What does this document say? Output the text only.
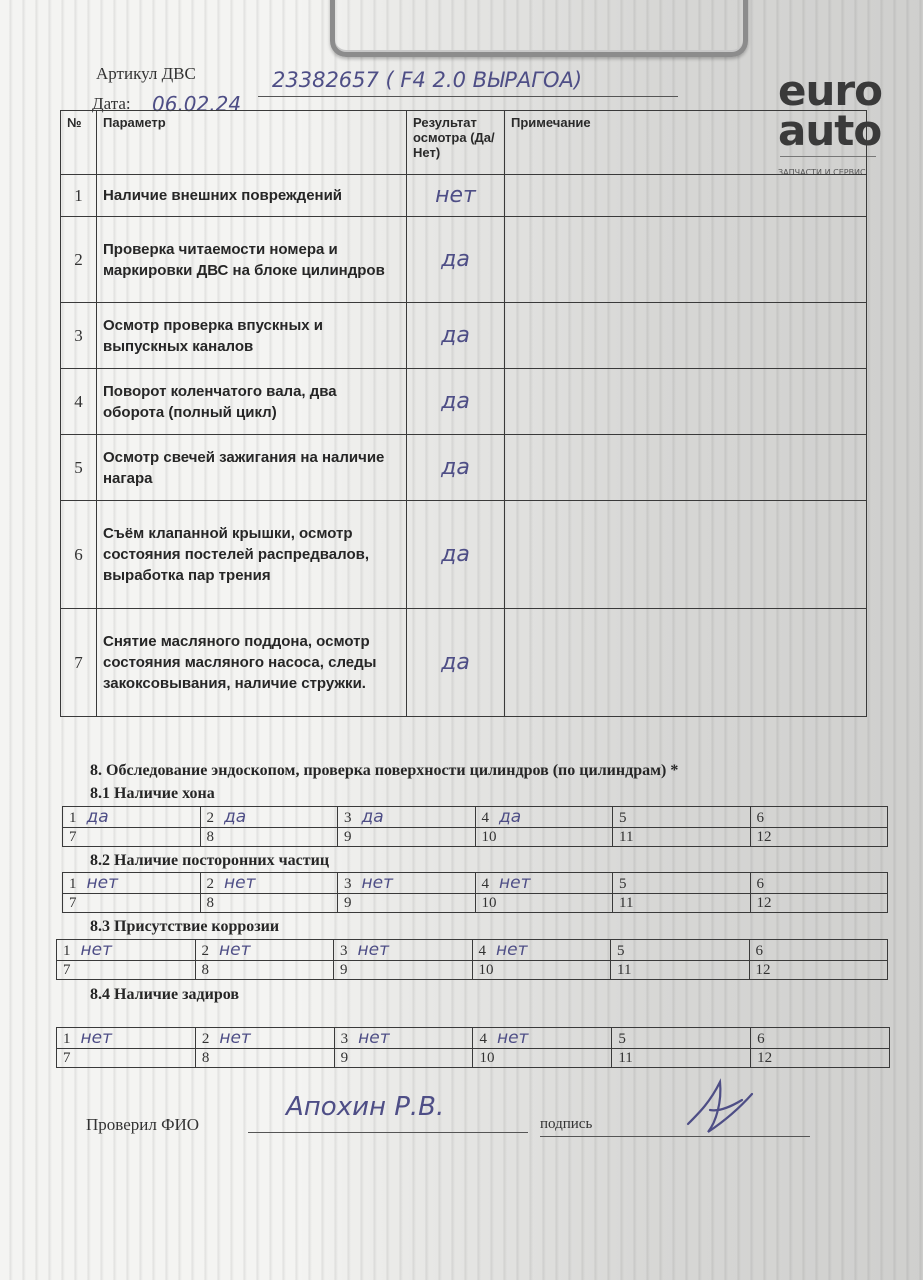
Артикул ДВС	23382657 ( F4 2.0 ВЫРАГОА)
Дата: 06.02.24	euro
auto
ЗАПЧАСТИ И СЕРВИС
№	Параметр	Результат осмотра (Да/Нет)	Примечание
1	Наличие внешних повреждений	нет	
2	Проверка читаемости номера и маркировки ДВС на блоке цилиндров	да	
3	Осмотр проверка впускных и выпускных каналов	да	
4	Поворот коленчатого вала, два оборота (полный цикл)	да	
5	Осмотр свечей зажигания на наличие нагара	да	
6	Съём клапанной крышки, осмотр состояния постелей распредвалов, выработка пар трения	да	
7	Снятие масляного поддона, осмотр состояния масляного насоса, следы закоксовывания, наличие стружки.	да	
8. Обследование эндоскопом, проверка поверхности цилиндров (по цилиндрам) *
8.1 Наличие хона
1 да	2 да	3 да	4 да	5	6
7	8	9	10	11	12
8.2 Наличие посторонних частиц
1 нет	2 нет	3 нет	4 нет	5	6
7	8	9	10	11	12
8.3 Присутствие коррозии
1 нет	2 нет	3 нет	4 нет	5	6
7	8	9	10	11	12
8.4 Наличие задиров
1 нет	2 нет	3 нет	4 нет	5	6
7	8	9	10	11	12
Проверил ФИО
Апохин Р.В.
подпись
